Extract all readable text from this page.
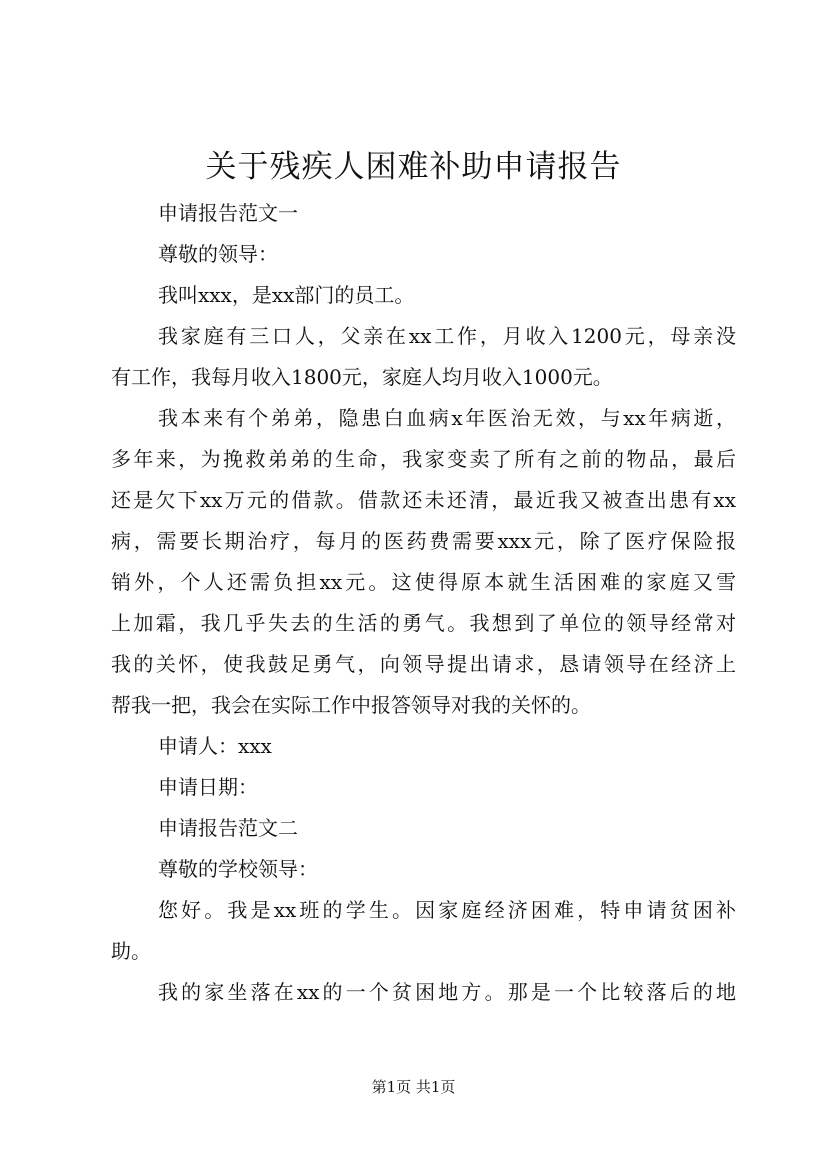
关于残疾人困难补助申请报告

申请报告范文一

尊敬的领导：

我叫xxx，是xx部门的员工。

我家庭有三口人，父亲在xx工作，月收入1200元，母亲没

有工作，我每月收入1800元，家庭人均月收入1000元。

我本来有个弟弟，隐患白血病x年医治无效，与xx年病逝，

多年来，为挽救弟弟的生命，我家变卖了所有之前的物品，最后

还是欠下xx万元的借款。借款还未还清，最近我又被查出患有xx

病，需要长期治疗，每月的医药费需要xxx元，除了医疗保险报

销外，个人还需负担xx元。这使得原本就生活困难的家庭又雪

上加霜，我几乎失去的生活的勇气。我想到了单位的领导经常对

我的关怀，使我鼓足勇气，向领导提出请求，恳请领导在经济上

帮我一把，我会在实际工作中报答领导对我的关怀的。

申请人：xxx

申请日期：

申请报告范文二

尊敬的学校领导：

您好。我是xx班的学生。因家庭经济困难，特申请贫困补

助。

我的家坐落在xx的一个贫困地方。那是一个比较落后的地

第1页 共1页
